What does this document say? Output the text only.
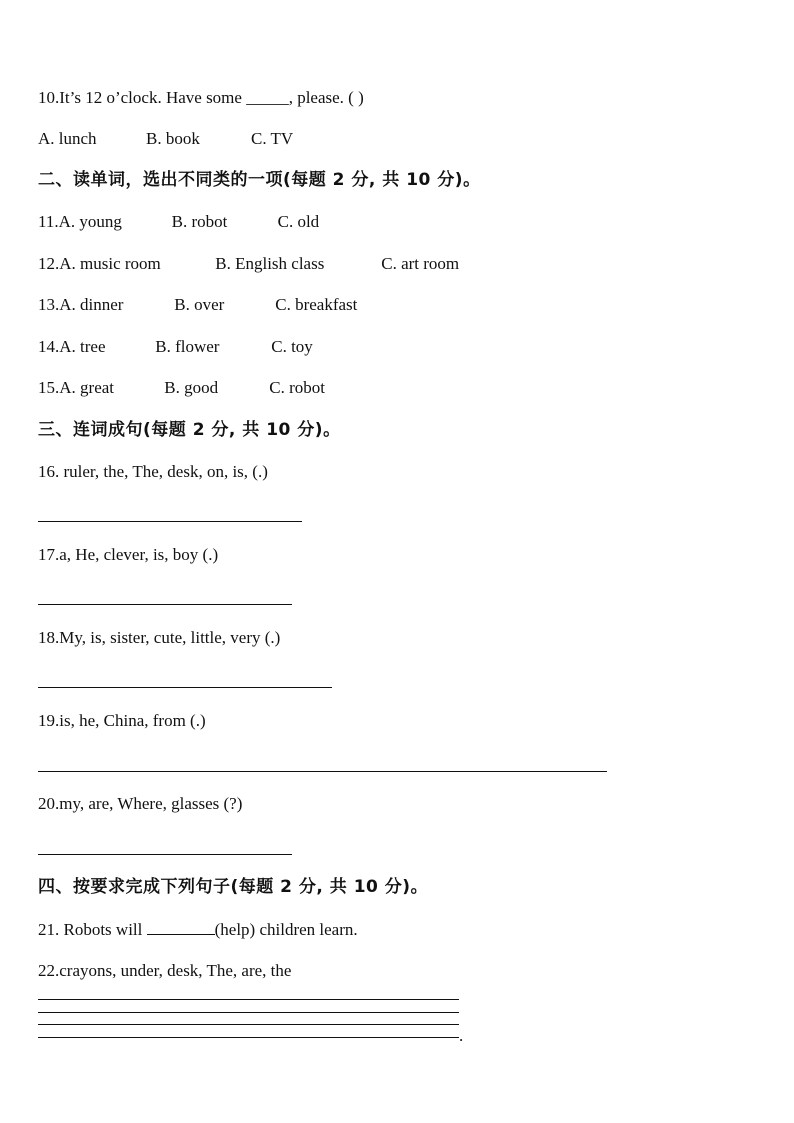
10.It’s 12 o’clock. Have some _____, please. ( )
A. lunch	B. book	C. TV
二、读单词，选出不同类的一项(每题 2 分, 共 10 分)。
11.A. young	B. robot	C. old
12.A. music room	B. English class	C. art room
13.A. dinner	B. over	C. breakfast
14.A. tree	B. flower	C. toy
15.A. great	B. good	C. robot
三、连词成句(每题 2 分, 共 10 分)。
16. ruler, the, The, desk, on, is, (.)
17.a, He, clever, is, boy (.)
18.My, is, sister, cute, little, very (.)
19.is, he, China, from (.)
20.my, are, Where, glasses (?)
四、按要求完成下列句子(每题 2 分, 共 10 分)。
21. Robots will	(help) children learn.
22.crayons, under, desk, The, are, the
.
